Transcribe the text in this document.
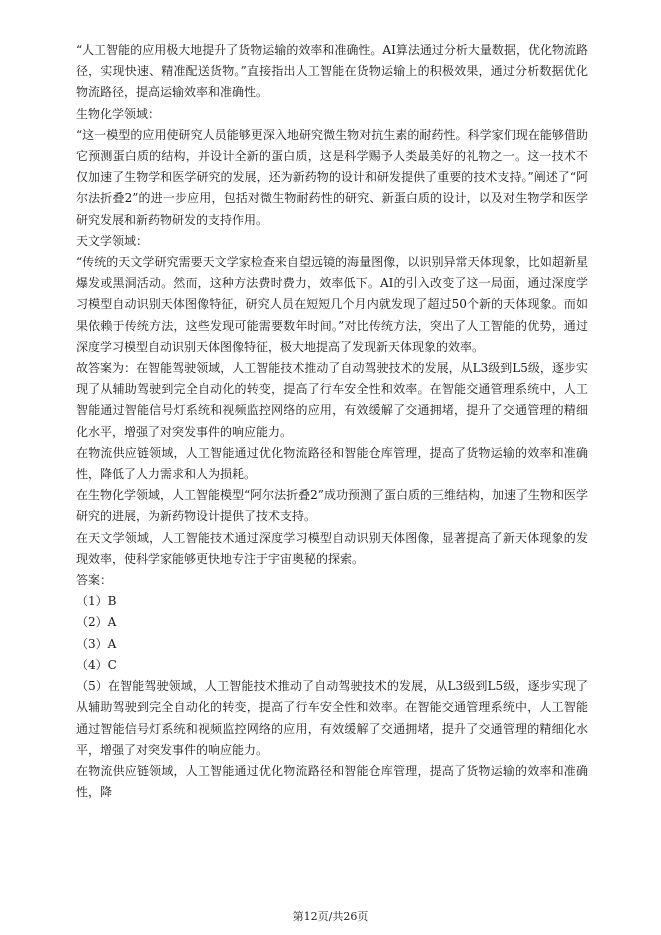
“人工智能的应用极大地提升了货物运输的效率和准确性。AI算法通过分析大量数据，优化物流路径，实现快速、精准配送货物。”直接指出人工智能在货物运输上的积极效果，通过分析数据优化物流路径，提高运输效率和准确性。

生物化学领域：

“这一模型的应用使研究人员能够更深入地研究微生物对抗生素的耐药性。科学家们现在能够借助它预测蛋白质的结构，并设计全新的蛋白质，这是科学赐予人类最美好的礼物之一。这一技术不仅加速了生物学和医学研究的发展，还为新药物的设计和研发提供了重要的技术支持。”阐述了“阿尔法折叠2”的进一步应用，包括对微生物耐药性的研究、新蛋白质的设计，以及对生物学和医学研究发展和新药物研发的支持作用。

天文学领域：

“传统的天文学研究需要天文学家检查来自望远镜的海量图像，以识别异常天体现象，比如超新星爆发或黑洞活动。然而，这种方法费时费力，效率低下。AI的引入改变了这一局面，通过深度学习模型自动识别天体图像特征，研究人员在短短几个月内就发现了超过50个新的天体现象。而如果依赖于传统方法，这些发现可能需要数年时间。”对比传统方法，突出了人工智能的优势，通过深度学习模型自动识别天体图像特征，极大地提高了发现新天体现象的效率。

故答案为：在智能驾驶领域，人工智能技术推动了自动驾驶技术的发展，从L3级到L5级，逐步实现了从辅助驾驶到完全自动化的转变，提高了行车安全性和效率。在智能交通管理系统中，人工智能通过智能信号灯系统和视频监控网络的应用，有效缓解了交通拥堵，提升了交通管理的精细化水平，增强了对突发事件的响应能力。

在物流供应链领域，人工智能通过优化物流路径和智能仓库管理，提高了货物运输的效率和准确性，降低了人力需求和人为损耗。

在生物化学领域，人工智能模型“阿尔法折叠2”成功预测了蛋白质的三维结构，加速了生物和医学研究的进展，为新药物设计提供了技术支持。

在天文学领域，人工智能技术通过深度学习模型自动识别天体图像，显著提高了新天体现象的发现效率，使科学家能够更快地专注于宇宙奥秘的探索。

答案：

（1）B

（2）A

（3）A

（4）C

（5）在智能驾驶领域，人工智能技术推动了自动驾驶技术的发展，从L3级到L5级，逐步实现了从辅助驾驶到完全自动化的转变，提高了行车安全性和效率。在智能交通管理系统中，人工智能通过智能信号灯系统和视频监控网络的应用，有效缓解了交通拥堵，提升了交通管理的精细化水平，增强了对突发事件的响应能力。

在物流供应链领域，人工智能通过优化物流路径和智能仓库管理，提高了货物运输的效率和准确性，降

第12页/共26页
